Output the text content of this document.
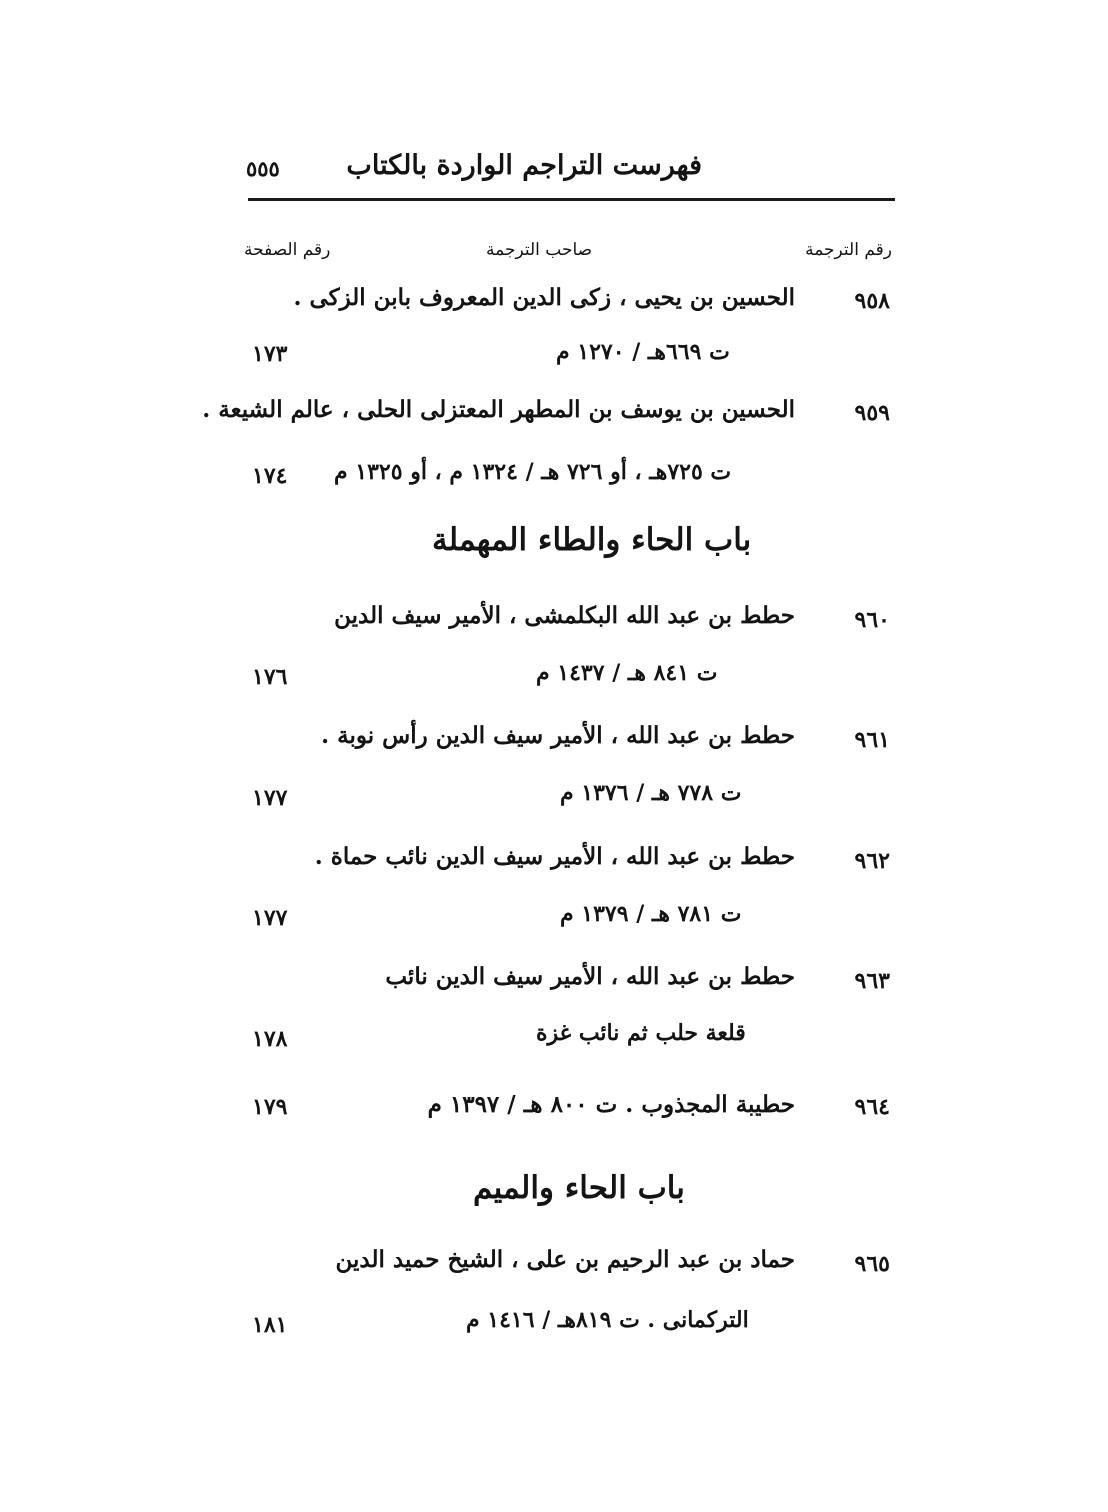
فهرست التراجم الواردة بالكتاب
٥٥٥
رقم الترجمة
صاحب الترجمة
رقم الصفحة
٩٥٨
الحسين بن يحيى ، زكى الدين المعروف بابن الزكى .
ت ٦٦٩هـ / ١٢٧٠ م
١٧٣
٩٥٩
الحسين بن يوسف بن المطهر المعتزلى الحلى ، عالم الشيعة .
ت ٧٢٥هـ ، أو ٧٢٦ هـ / ١٣٢٤ م ، أو ١٣٢٥ م
١٧٤
باب الحاء والطاء المهملة
٩٦٠
حطط بن عبد الله البكلمشى ، الأمير سيف الدين
ت ٨٤١ هـ / ١٤٣٧ م
١٧٦
٩٦١
حطط بن عبد الله ، الأمير سيف الدين رأس نوبة .
ت ٧٧٨ هـ / ١٣٧٦ م
١٧٧
٩٦٢
حطط بن عبد الله ، الأمير سيف الدين نائب حماة .
ت ٧٨١ هـ / ١٣٧٩ م
١٧٧
٩٦٣
حطط بن عبد الله ، الأمير سيف الدين نائب
قلعة حلب ثم نائب غزة
١٧٨
٩٦٤
حطيبة المجذوب . ت ٨٠٠ هـ / ١٣٩٧ م
١٧٩
باب الحاء والميم
٩٦٥
حماد بن عبد الرحيم بن على ، الشيخ حميد الدين
التركمانى . ت ٨١٩هـ / ١٤١٦ م
١٨١
